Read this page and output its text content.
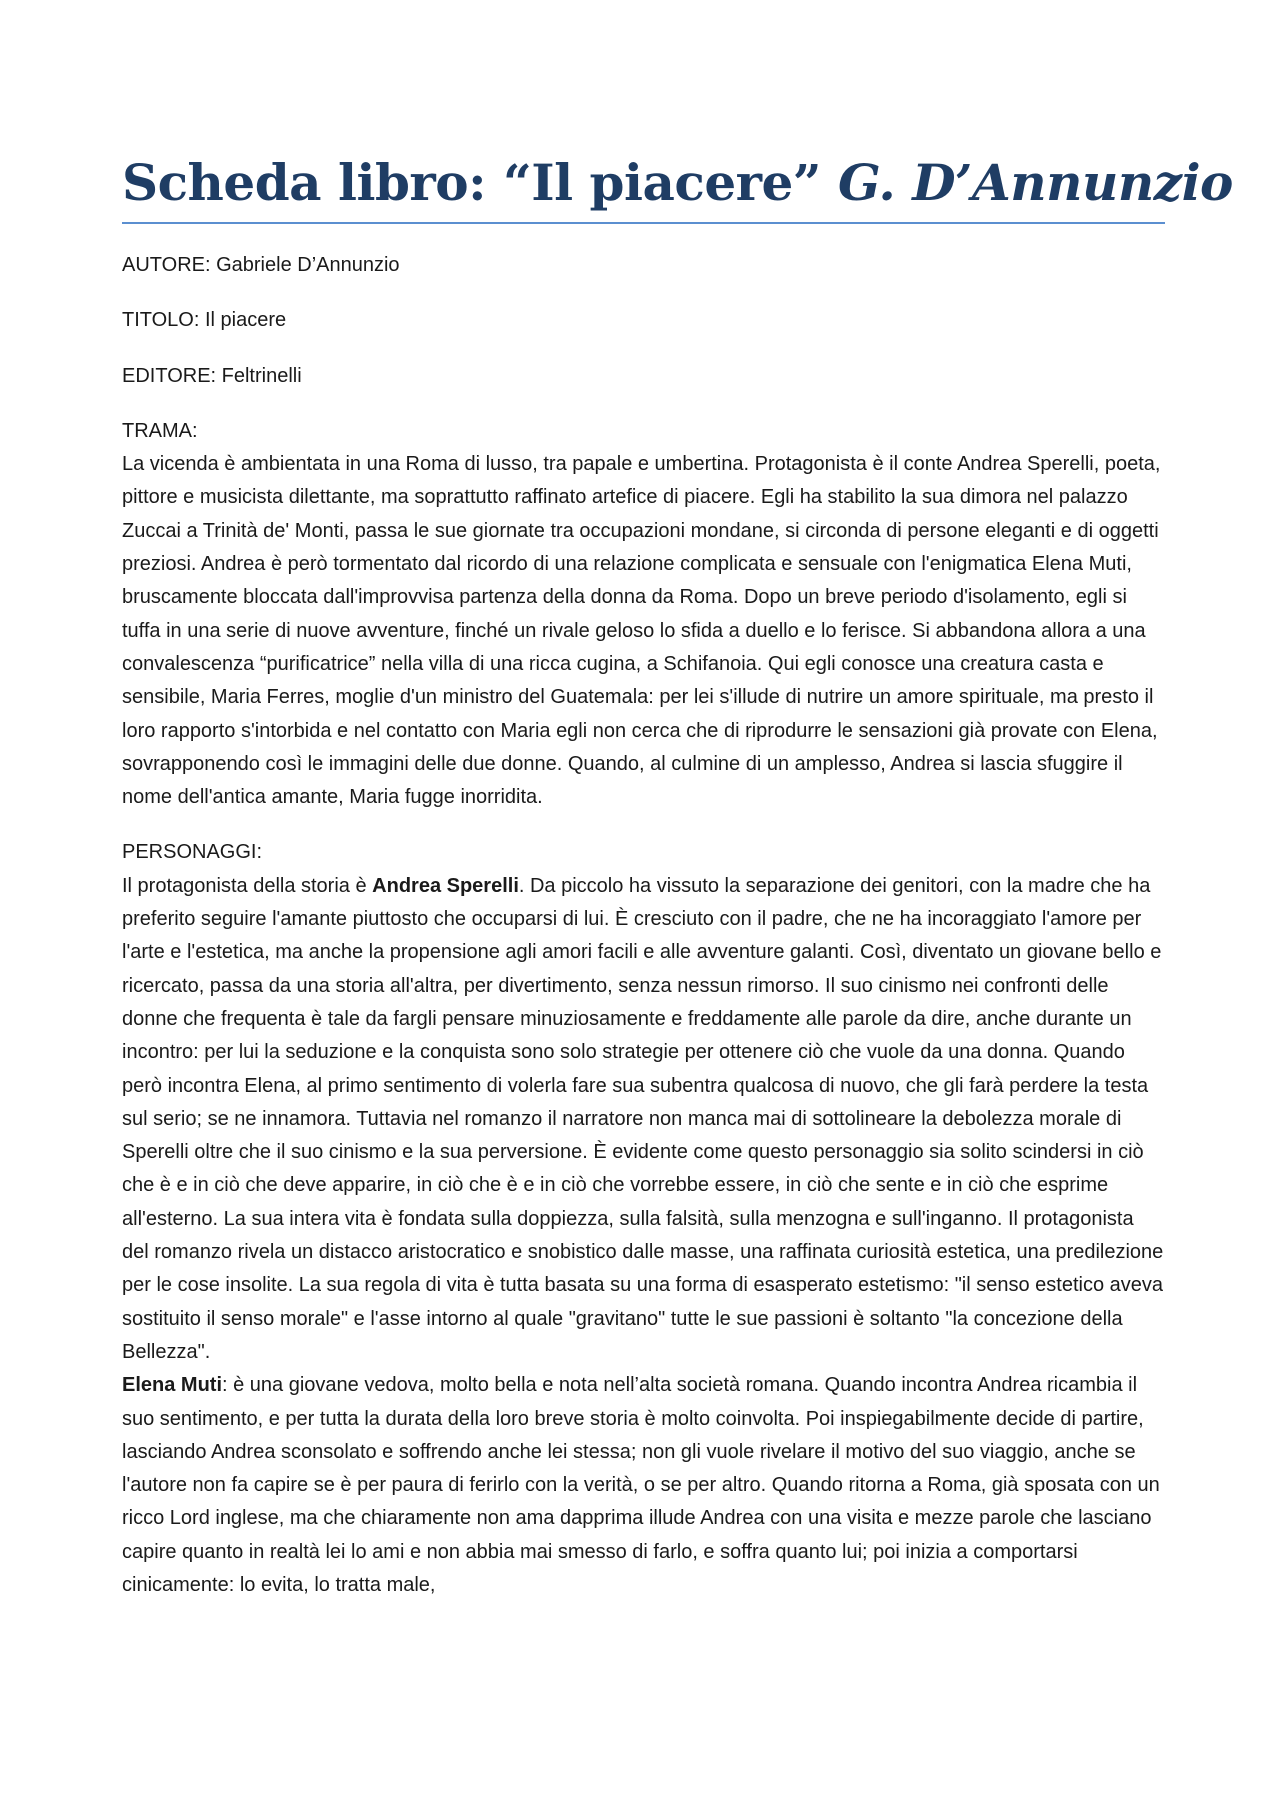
Scheda libro: “Il piacere” G. D’Annunzio

AUTORE: Gabriele D’Annunzio

TITOLO: Il piacere

EDITORE: Feltrinelli

TRAMA:

La vicenda è ambientata in una Roma di lusso, tra papale e umbertina. Protagonista è il conte Andrea Sperelli, poeta, pittore e musicista dilettante, ma soprattutto raffinato artefice di piacere. Egli ha stabilito la sua dimora nel palazzo Zuccai a Trinità de' Monti, passa le sue giornate tra occupazioni mondane, si circonda di persone eleganti e di oggetti preziosi. Andrea è però tormentato dal ricordo di una relazione complicata e sensuale con l'enigmatica Elena Muti, bruscamente bloccata dall'improvvisa partenza della donna da Roma. Dopo un breve periodo d'isolamento, egli si tuffa in una serie di nuove avventure, finché un rivale geloso lo sfida a duello e lo ferisce. Si abbandona allora a una convalescenza “purificatrice” nella villa di una ricca cugina, a Schifanoia. Qui egli conosce una creatura casta e sensibile, Maria Ferres, moglie d'un ministro del Guatemala: per lei s'illude di nutrire un amore spirituale, ma presto il loro rapporto s'intorbida e nel contatto con Maria egli non cerca che di riprodurre le sensazioni già provate con Elena, sovrapponendo così le immagini delle due donne. Quando, al culmine di un amplesso, Andrea si lascia sfuggire il nome dell'antica amante, Maria fugge inorridita.

PERSONAGGI:

Il protagonista della storia è Andrea Sperelli. Da piccolo ha vissuto la separazione dei genitori, con la madre che ha preferito seguire l'amante piuttosto che occuparsi di lui. È cresciuto con il padre, che ne ha incoraggiato l'amore per l'arte e l'estetica, ma anche la propensione agli amori facili e alle avventure galanti. Così, diventato un giovane bello e ricercato, passa da una storia all'altra, per divertimento, senza nessun rimorso. Il suo cinismo nei confronti delle donne che frequenta è tale da fargli pensare minuziosamente e freddamente alle parole da dire, anche durante un incontro: per lui la seduzione e la conquista sono solo strategie per ottenere ciò che vuole da una donna. Quando però incontra Elena, al primo sentimento di volerla fare sua subentra qualcosa di nuovo, che gli farà perdere la testa sul serio; se ne innamora. Tuttavia nel romanzo il narratore non manca mai di sottolineare la debolezza morale di Sperelli oltre che il suo cinismo e la sua perversione. È evidente come questo personaggio sia solito scindersi in ciò che è e in ciò che deve apparire, in ciò che è e in ciò che vorrebbe essere, in ciò che sente e in ciò che esprime all'esterno. La sua intera vita è fondata sulla doppiezza, sulla falsità, sulla menzogna e sull'inganno. Il protagonista del romanzo rivela un distacco aristocratico e snobistico dalle masse, una raffinata curiosità estetica, una predilezione per le cose insolite. La sua regola di vita è tutta basata su una forma di esasperato estetismo: "il senso estetico aveva sostituito il senso morale" e l'asse intorno al quale "gravitano" tutte le sue passioni è soltanto "la concezione della Bellezza".

Elena Muti: è una giovane vedova, molto bella e nota nell’alta società romana. Quando incontra Andrea ricambia il suo sentimento, e per tutta la durata della loro breve storia è molto coinvolta. Poi inspiegabilmente decide di partire, lasciando Andrea sconsolato e soffrendo anche lei stessa; non gli vuole rivelare il motivo del suo viaggio, anche se l'autore non fa capire se è per paura di ferirlo con la verità, o se per altro. Quando ritorna a Roma, già sposata con un ricco Lord inglese, ma che chiaramente non ama dapprima illude Andrea con una visita e mezze parole che lasciano capire quanto in realtà lei lo ami e non abbia mai smesso di farlo, e soffra quanto lui; poi inizia a comportarsi cinicamente: lo evita, lo tratta male,
